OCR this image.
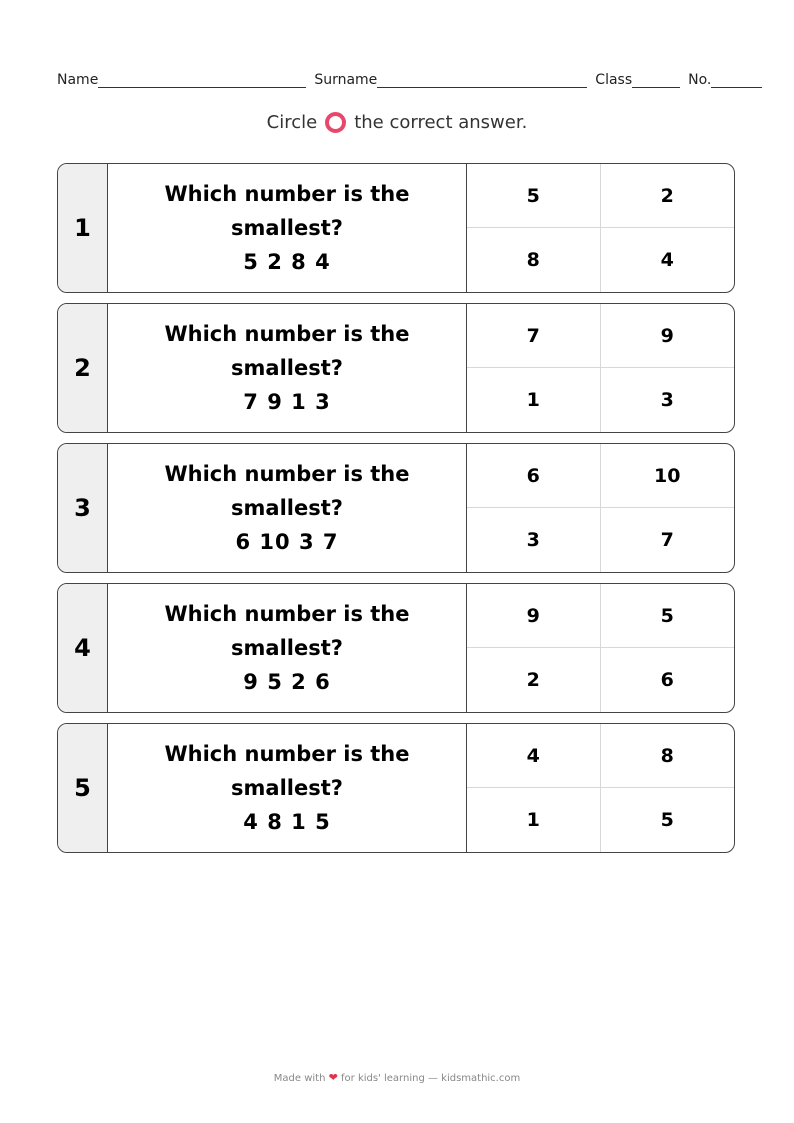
Name	Surname	Class	No.
Circle the correct answer.
1
Which number is the smallest?
5 2 8 4
5	2
8	4
2
Which number is the smallest?
7 9 1 3
7	9
1	3
3
Which number is the smallest?
6 10 3 7
6	10
3	7
4
Which number is the smallest?
9 5 2 6
9	5
2	6
5
Which number is the smallest?
4 8 1 5
4	8
1	5
Made with ❤ for kids' learning — kidsmathic.com
